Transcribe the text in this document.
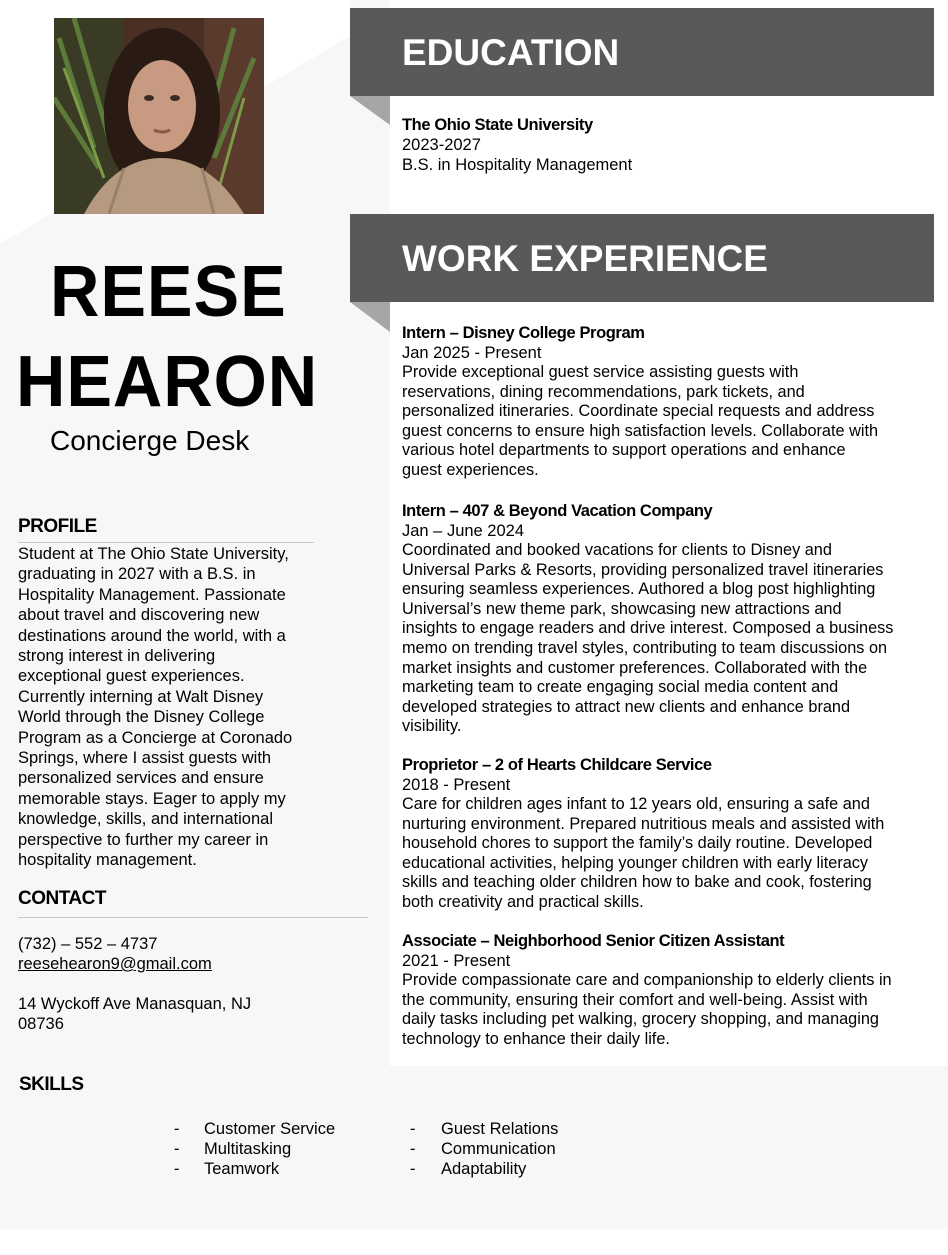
REESE
HEARON
Concierge Desk
PROFILE
Student at The Ohio State University,
graduating in 2027 with a B.S. in
Hospitality Management. Passionate
about travel and discovering new
destinations around the world, with a
strong interest in delivering
exceptional guest experiences.
Currently interning at Walt Disney
World through the Disney College
Program as a Concierge at Coronado
Springs, where I assist guests with
personalized services and ensure
memorable stays. Eager to apply my
knowledge, skills, and international
perspective to further my career in
hospitality management.
CONTACT
(732) – 552 – 4737
reesehearon9@gmail.com
14 Wyckoff Ave Manasquan, NJ
08736
EDUCATION
The Ohio State University
2023-2027
B.S. in Hospitality Management
WORK EXPERIENCE
Intern – Disney College Program
Jan 2025 - Present
Provide exceptional guest service assisting guests with
reservations, dining recommendations, park tickets, and
personalized itineraries. Coordinate special requests and address
guest concerns to ensure high satisfaction levels. Collaborate with
various hotel departments to support operations and enhance
guest experiences.
Intern – 407 & Beyond Vacation Company
Jan – June 2024
Coordinated and booked vacations for clients to Disney and
Universal Parks & Resorts, providing personalized travel itineraries
ensuring seamless experiences. Authored a blog post highlighting
Universal’s new theme park, showcasing new attractions and
insights to engage readers and drive interest. Composed a business
memo on trending travel styles, contributing to team discussions on
market insights and customer preferences. Collaborated with the
marketing team to create engaging social media content and
developed strategies to attract new clients and enhance brand
visibility.
Proprietor – 2 of Hearts Childcare Service
2018 - Present
Care for children ages infant to 12 years old, ensuring a safe and
nurturing environment. Prepared nutritious meals and assisted with
household chores to support the family’s daily routine. Developed
educational activities, helping younger children with early literacy
skills and teaching older children how to bake and cook, fostering
both creativity and practical skills.
Associate – Neighborhood Senior Citizen Assistant
2021 - Present
Provide compassionate care and companionship to elderly clients in
the community, ensuring their comfort and well-being. Assist with
daily tasks including pet walking, grocery shopping, and managing
technology to enhance their daily life.
SKILLS
- Customer Service
- Multitasking
- Teamwork
- Guest Relations
- Communication
- Adaptability
